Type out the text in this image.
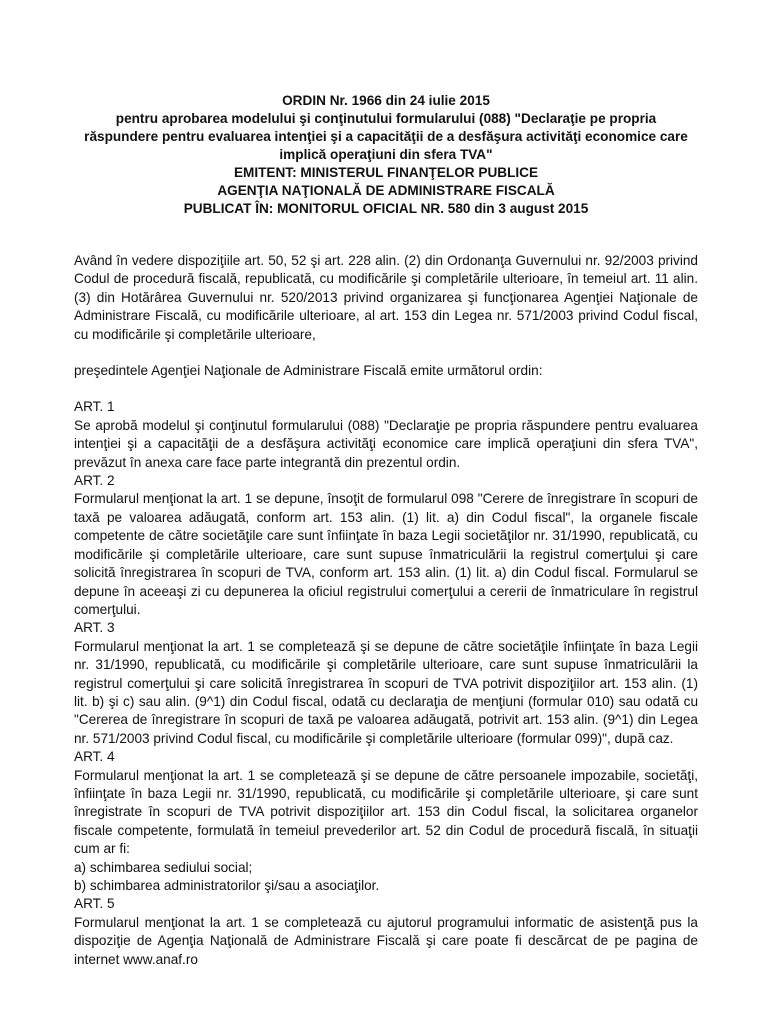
ORDIN Nr. 1966 din 24 iulie 2015
pentru aprobarea modelului şi conţinutului formularului (088) "Declaraţie pe propria răspundere pentru evaluarea intenţiei şi a capacităţii de a desfăşura activităţi economice care implică operaţiuni din sfera TVA"
EMITENT: MINISTERUL FINANŢELOR PUBLICE
AGENŢIA NAŢIONALĂ DE ADMINISTRARE FISCALĂ
PUBLICAT ÎN: MONITORUL OFICIAL NR. 580 din 3 august 2015

Având în vedere dispoziţiile art. 50, 52 şi art. 228 alin. (2) din Ordonanţa Guvernului nr. 92/2003 privind Codul de procedură fiscală, republicată, cu modificările şi completările ulterioare, în temeiul art. 11 alin. (3) din Hotărârea Guvernului nr. 520/2013 privind organizarea şi funcţionarea Agenţiei Naţionale de Administrare Fiscală, cu modificările ulterioare, al art. 153 din Legea nr. 571/2003 privind Codul fiscal, cu modificările şi completările ulterioare,

preşedintele Agenţiei Naţionale de Administrare Fiscală emite următorul ordin:

ART. 1

Se aprobă modelul şi conţinutul formularului (088) "Declaraţie pe propria răspundere pentru evaluarea intenţiei şi a capacităţii de a desfăşura activităţi economice care implică operaţiuni din sfera TVA", prevăzut în anexa care face parte integrantă din prezentul ordin.

ART. 2

Formularul menţionat la art. 1 se depune, însoţit de formularul 098 "Cerere de înregistrare în scopuri de taxă pe valoarea adăugată, conform art. 153 alin. (1) lit. a) din Codul fiscal", la organele fiscale competente de către societăţile care sunt înfiinţate în baza Legii societăţilor nr. 31/1990, republicată, cu modificările şi completările ulterioare, care sunt supuse înmatriculării la registrul comerţului şi care solicită înregistrarea în scopuri de TVA, conform art. 153 alin. (1) lit. a) din Codul fiscal. Formularul se depune în aceeaşi zi cu depunerea la oficiul registrului comerţului a cererii de înmatriculare în registrul comerţului.

ART. 3

Formularul menţionat la art. 1 se completează şi se depune de către societăţile înfiinţate în baza Legii nr. 31/1990, republicată, cu modificările şi completările ulterioare, care sunt supuse înmatriculării la registrul comerţului şi care solicită înregistrarea în scopuri de TVA potrivit dispoziţiilor art. 153 alin. (1) lit. b) şi c) sau alin. (9^1) din Codul fiscal, odată cu declaraţia de menţiuni (formular 010) sau odată cu "Cererea de înregistrare în scopuri de taxă pe valoarea adăugată, potrivit art. 153 alin. (9^1) din Legea nr. 571/2003 privind Codul fiscal, cu modificările şi completările ulterioare (formular 099)", după caz.

ART. 4

Formularul menţionat la art. 1 se completează şi se depune de către persoanele impozabile, societăţi, înfiinţate în baza Legii nr. 31/1990, republicată, cu modificările şi completările ulterioare, şi care sunt înregistrate în scopuri de TVA potrivit dispoziţiilor art. 153 din Codul fiscal, la solicitarea organelor fiscale competente, formulată în temeiul prevederilor art. 52 din Codul de procedură fiscală, în situaţii cum ar fi:

a) schimbarea sediului social;

b) schimbarea administratorilor şi/sau a asociaţilor.

ART. 5

Formularul menţionat la art. 1 se completează cu ajutorul programului informatic de asistenţă pus la dispoziţie de Agenţia Naţională de Administrare Fiscală şi care poate fi descărcat de pe pagina de internet www.anaf.ro
